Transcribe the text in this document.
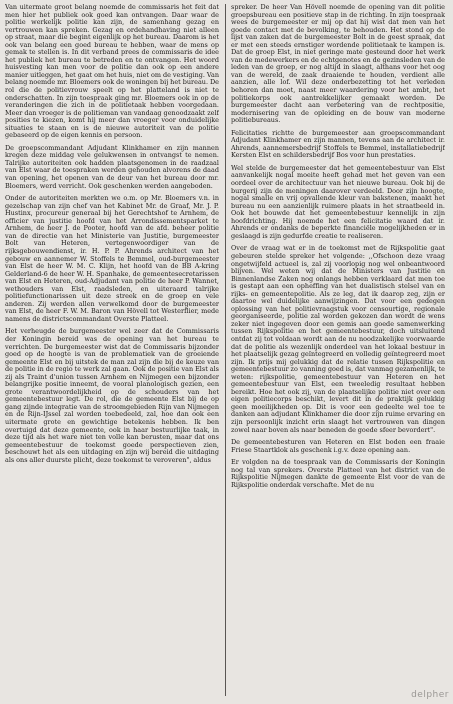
Van uitermate groot belang noemde de commissaris het feit dat men hier het publiek ook goed kan ontvangen. Daar waar de politie werkelijk politie kan zijn, de samenhang gezag en vertrouwen kan spreken. Gezag en ordehandhaving niet alleen op straat, maar die begint eigenlijk op het bureau. Daarom is het ook van belang een goed bureau te hebben, waar de mens op gemak te stellen is. In dit verband prees de commissaris de idee het publiek het bureau te betreden en te ontvangen. Het woord huisvesting kan men voor de politie dan ook op een andere manier uitleggen, het gaat om het huis, niet om de vestiging. Van belang noemde mr. Bloemers ook de woningen bij het bureau. De rol die de politievrouw speelt op het platteland is niet te onderschatten. In zijn toespraak ging mr. Bloemers ook in op de veranderingen die zich in de politietaak hebben voorgedaan. Meer dan vroeger is de politieman van vandaag genoodzaakt zelf posities te kiezen, komt hij meer dan vroeger voor onduidelijke situaties te staan en is de nieuwe autoriteit van de politie gebaseerd op de eigen kennis en persoon.

De groepscommandant Adjudant Klinkhamer en zijn mannen kregen deze middag vele gelukwensen in ontvangst te nemen. Talrijke autoriteiten ook hadden plaatsgenomen in de raadzaal van Elst waar de toespraken werden gehouden alvorens de daad van opening, het openen van de deur van het bureau door mr. Bloemers, werd verricht. Ook geschenken werden aangeboden.

Onder de autoriteiten merkten we o.m. op Mr. Bloemers v.n. in gezelschap van zijn chef van het Kabinet Mr. de Graaf, Mr. J. P. Hustinx, procureur generaal bij het Gerechtshof te Arnhem, de officier van justitie hoofd van het Arrondissementsparket te Arnhem, de heer J. de Pooter, hoofd van de afd. beheer politie van de directie van het Ministerie van Justitie, burgemeester Bolt van Heteren, vertegenwoordiger van de rijksgebouwendienst, ir. H. P. P. Ahrends architect van het gebouw en aannemer W. Stoffels te Bemmel, oud-burgemeester van Elst de heer W. M. C. Klijn, het hoofd van de BB A-kring Gelderland-6 de heer W. H. Spanhake, de gemeentesecretarissen van Elst en Heteren, oud-Adjudant van politie de heer P. Wannet, wethouders van Elst, raadsleden, en uiteraard talrijke politiefunctionarissen uit deze streek en de groep en vele anderen. Zij werden allen verwelkomd door de burgemeester van Elst, de heer F. W. M. Baron van Hövell tot Westerflier, mede namens de districtscommandant Overste Platteel.

Het verheugde de burgemeester wel zeer dat de Commissaris der Koningin bereid was de opening van het bureau te verrichten. De burgemeester wist dat de Commissaris bijzonder goed op de hoogte is van de problematiek van de groeiende gemeente Elst en bij uitstek de man zal zijn die bij de keuze van de politie in de regio te werk zal gaan. Ook de positie van Elst als zij als Traint d'union tussen Arnhem en Nijmegen een bijzonder belangrijke positie inneemt, de vooral planologisch gezien, een grote verantwoordelijkheid op de schouders van het gemeentebestuur legt. De rol, die de gemeente Elst bij de op gang zijnde integratie van de stroomgebieden Rijn van Nijmegen en de Rijn-IJssel zal worden toebedeeld, zal, hoe dan ook een uitermate grote en gewichtige betekenis hebben. Ik ben overtuigd dat deze gemeente, ook in haar bestuurlijke taak, in deze tijd als het ware niet ten volle kan berusten, maar dat ons gemeentebestuur de toekomst goede perspectieven zien, beschouwt het als een uitdaging en zijn wij bereid die uitdaging als ons aller duurste plicht, deze toekomst te veroveren", aldus

spreker. De heer Van Hövell noemde de opening van dit politie groepsbureau een positieve stap in de richting. In zijn toespraak wees de burgemeester er mij op dat hij wist dat men van het goede contact met de bevolking, te behouden. Het stond op de lijst van zaken dat de burgemeester Bolt in de geest spraak, dat er met een steeds ernstiger wordende politietaak te kampen is. Dat de groep Elst, in niet geringe mate gesteund door het werk van de medewerkers en de echtgenotes en de gezinsleden van de leden van de groep, er nog altijd in slaagt, althans voor het oog van de wereld, de zaak draaiende te houden, verdient alle aanzien, alle lof. Wil deze onderbezetting tot het verleden behoren dan moet, naast meer waardering voor het ambt, het politiekorps ook aantrekkelijker gemaakt worden. De burgemeester dacht aan verbetering van de rechtpositie, modernisering van de opleiding en de bouw van moderne politiebureaus.

Felicitaties richtte de burgemeester aan groepscommandant Adjudant Klinkhamer en zijn mannen, tevens aan de architect ir. Ahrends, aannemersbedrijf Stoffels te Bemmel, installatiebedrijf Kersten Elst en schildersbedrijf Bos voor hun prestaties.

Wel stelde de burgemeester dat het gemeentebestuur van Elst aanvankelijk nogal moeite heeft gehad met het geven van een oordeel over de architectuur van het nieuwe bureau. Ook bij de burgerij zijn de meningen daarover verdeeld. Door zijn hoogte, nogal smalle en vrij opvallende kleur van bakstenen, maakt het bureau nu een aanzienlijk ruimere plaats in het straatbeeld in. Ook het bouwde dat het gemeentebestuur kennelijk in zijn hoofdrichting. Hij noemde het een felicitatie waard dat ir. Ahrends er ondanks de beperkte financiële mogelijkheden er in geslaagd is zijn gedurfde creatie te realiseren.

Over de vraag wat er in de toekomst met de Rijkspolitie gaat gebeuren stelde spreker het volgende: ,,Ofschoon deze vraag ongetwijfeld actueel is, zal zij voorlopig nog wel onbeantwoord blijven. Wel weten wij dat de Ministers van Justitie en Binnenlandse Zaken nog onlangs hebben verklaard dat men toe is gestapt aan een opheffing van het dualistisch stelsel van en rijks- en gemeentepolitie. Als ze leg, dat ik daarop zeg, zijn er daartoe wel duidelijke aanwijzingen. Dat voor een gedegen oplossing van het politievraagstuk voor censourtige, regionale georganiseerde, politie zal worden gekozen dan wordt de wens zeker niet ingegeven door een gemis aan goede samenwerking tussen Rijkspolitie en het gemeentebestuur, doch uitsluitend ontdat zij tot voldaan wordt aan de nu noodzakelijke voorwaarde dat de politie als wezenlijk onderdeel van het lokaal bestuur in het plaatselijk gezag geïntegreerd en volledig geïntegreerd moet zijn. Ik prijs mij gelukkig dat de relatie tussen Rijkspolitie en gemeentebestuur zo vanning goed is, dat vanmag gezamenlijk, te weten: rijkspolitie, gemeentebestuur van Heteren en het gemeentebestuur van Elst, een tweeledig resultaat hebben bereikt. Hoe het ook zij, van de plaatselijke politie niet over een eigen politiecorps beschikt, levert dit in de praktijk gelukkig geen moeilijkheden op. Dit is voor een gedeelte wel toe te danken aan adjudant Klinkhamer die door zijn ruime ervaring en zijn persoonlijk inzicht erin slaagt het vertrouwen van dingen zowel naar boven als naar beneden de goede sfeer bevordert".

De gemeentebesturen van Heteren en Elst boden een fraaie Friese Staartklok als geschenk i.g.v. deze opening aan.

Er volgden na de toespraak van de Commissaris der Koningin nog tal van sprekers. Overste Platteel van het district van de Rijkspolitie Nijmegen dankte de gemeente Elst voor de van de Rijkspolitie onderdak verschafte. Met de nu

delpher
